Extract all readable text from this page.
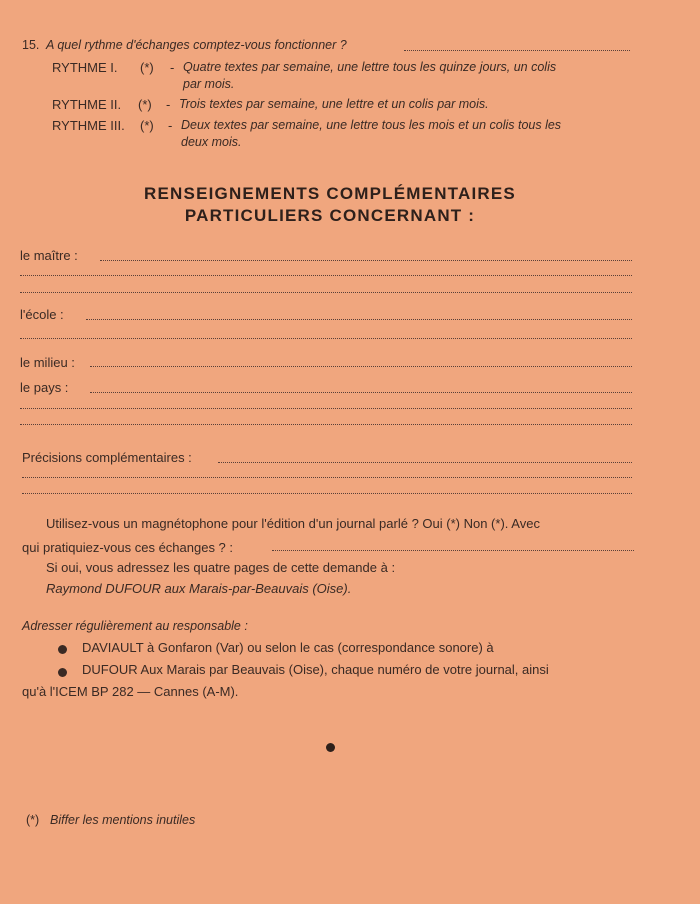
15. A quel rythme d'échanges comptez-vous fonctionner ?
RYTHME I. (*) - Quatre textes par semaine, une lettre tous les quinze jours, un colis
par mois.
RYTHME II. (*) - Trois textes par semaine, une lettre et un colis par mois.
RYTHME III. (*) - Deux textes par semaine, une lettre tous les mois et un colis tous les
deux mois.
RENSEIGNEMENTS COMPLÉMENTAIRES
PARTICULIERS CONCERNANT :
le maître :
l'école :
le milieu :
le pays :
Précisions complémentaires :
Utilisez-vous un magnétophone pour l'édition d'un journal parlé ? Oui (*) Non (*). Avec
qui pratiquiez-vous ces échanges ? :
Si oui, vous adressez les quatre pages de cette demande à :
Raymond DUFOUR aux Marais-par-Beauvais (Oise).
Adresser régulièrement au responsable :
DAVIAULT à Gonfaron (Var) ou selon le cas (correspondance sonore) à
DUFOUR Aux Marais par Beauvais (Oise), chaque numéro de votre journal, ainsi
qu'à l'ICEM BP 282 — Cannes (A-M).
(*) Biffer les mentions inutiles
